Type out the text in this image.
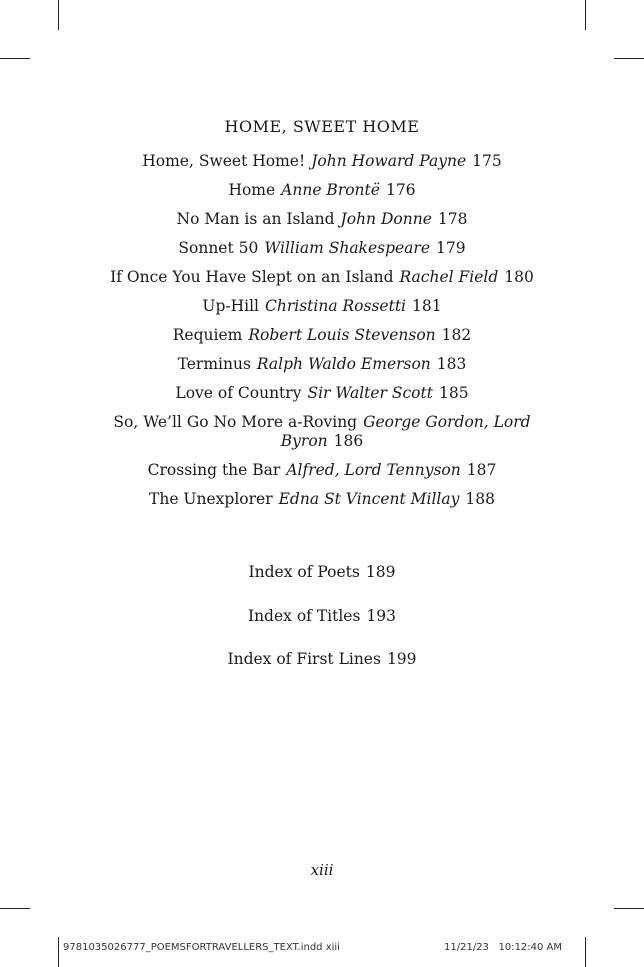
HOME, SWEET HOME
Home, Sweet Home! John Howard Payne 175
Home Anne Brontë 176
No Man is an Island John Donne 178
Sonnet 50 William Shakespeare 179
If Once You Have Slept on an Island Rachel Field 180
Up-Hill Christina Rossetti 181
Requiem Robert Louis Stevenson 182
Terminus Ralph Waldo Emerson 183
Love of Country Sir Walter Scott 185
So, We’ll Go No More a-Roving George Gordon, Lord Byron 186
Crossing the Bar Alfred, Lord Tennyson 187
The Unexplorer Edna St Vincent Millay 188
Index of Poets 189
Index of Titles 193
Index of First Lines 199
xiii
9781035026777_POEMSFORTRAVELLERS_TEXT.indd xiii	11/21/23 10:12:40 AM
